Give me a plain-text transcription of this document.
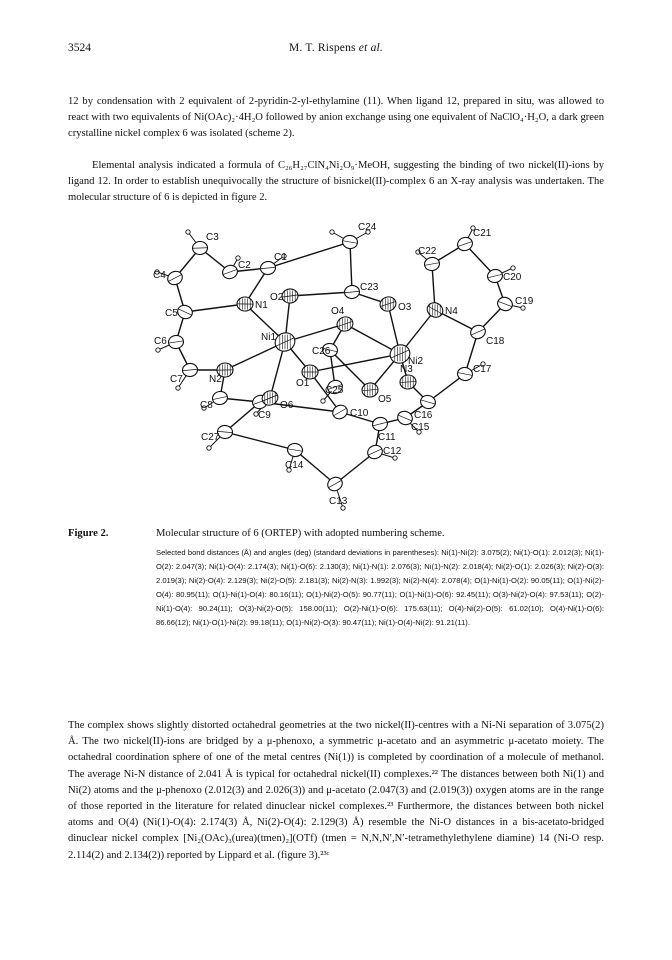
3524	M. T. Rispens et al.

12 by condensation with 2 equivalent of 2-pyridin-2-yl-ethylamine (11). When ligand 12, prepared in situ, was allowed to react with two equivalents of Ni(OAc)₂·4H₂O followed by anion exchange using one equivalent of NaClO₄·H₂O, a dark green crystalline nickel complex 6 was isolated (scheme 2).

Elemental analysis indicated a formula of C₂₆H₂₇ClN₄Ni₂O₉·MeOH, suggesting the binding of two nickel(II)-ions by ligand 12. In order to establish unequivocally the structure of bisnickel(II)-complex 6 an X-ray analysis was undertaken. The molecular structure of 6 is depicted in figure 2.

C1
C2
C3
C4
C5
C6
C7
N1
Ni1
N2
C8
C9
C27
C14
C13
C12
C11
C10
C26
O4
C23
C24
O2
O3
O1
C25
O5
O6
Ni2
N3
C16
C15
C17
C18
C19
C20
C21
C22
N4
Figure 2.	Molecular structure of 6 (ORTEP) with adopted numbering scheme.

Selected bond distances (Å) and angles (deg) (standard deviations in parentheses): Ni(1)-Ni(2): 3.075(2); Ni(1)-O(1): 2.012(3); Ni(1)-O(2): 2.047(3); Ni(1)-O(4): 2.174(3); Ni(1)-O(6): 2.130(3); Ni(1)-N(1): 2.076(3); Ni(1)-N(2): 2.018(4); Ni(2)-O(1): 2.026(3); Ni(2)-O(3): 2.019(3); Ni(2)-O(4): 2.129(3); Ni(2)-O(5): 2.181(3); Ni(2)-N(3): 1.992(3); Ni(2)-N(4): 2.078(4); O(1)-Ni(1)-O(2): 90.05(11); O(1)-Ni(2)-O(4): 80.95(11); O(1)-Ni(1)-O(4): 80.16(11); O(1)-Ni(2)-O(5): 90.77(11); O(1)-Ni(1)-O(6): 92.45(11); O(3)-Ni(2)-O(4): 97.53(11); O(2)-Ni(1)-O(4): 90.24(11); O(3)-Ni(2)-O(5): 158.00(11); O(2)-Ni(1)-O(6): 175.63(11); O(4)-Ni(2)-O(5): 61.02(10); O(4)-Ni(1)-O(6): 86.66(12); Ni(1)-O(1)-Ni(2): 99.18(11); O(1)-Ni(2)-O(3): 90.47(11); Ni(1)-O(4)-Ni(2): 91.21(11).

The complex shows slightly distorted octahedral geometries at the two nickel(II)-centres with a Ni-Ni separation of 3.075(2) Å. The two nickel(II)-ions are bridged by a μ-phenoxo, a symmetric μ-acetato and an asymmetric μ-acetato moiety. The octahedral coordination sphere of one of the metal centres (Ni(1)) is completed by coordination of a molecule of methanol. The average Ni-N distance of 2.041 Å is typical for octahedral nickel(II) complexes.²² The distances between both Ni(1) and Ni(2) atoms and the μ-phenoxo (2.012(3) and 2.026(3)) and μ-acetato (2.047(3) and (2.019(3)) oxygen atoms are in the range of those reported in the literature for related dinuclear nickel complexes.²³ Furthermore, the distances between both nickel atoms and O(4) (Ni(1)-O(4): 2.174(3) Å, Ni(2)-O(4): 2.129(3) Å) resemble the Ni-O distances in a bis-acetato-bridged dinuclear nickel complex [Ni₂(OAc)₃(urea)(tmen)₂](OTf) (tmen = N,N,N′,N′-tetramethylethylene diamine) 14 (Ni-O resp. 2.114(2) and 2.134(2)) reported by Lippard et al. (figure 3).²³ᶜ
